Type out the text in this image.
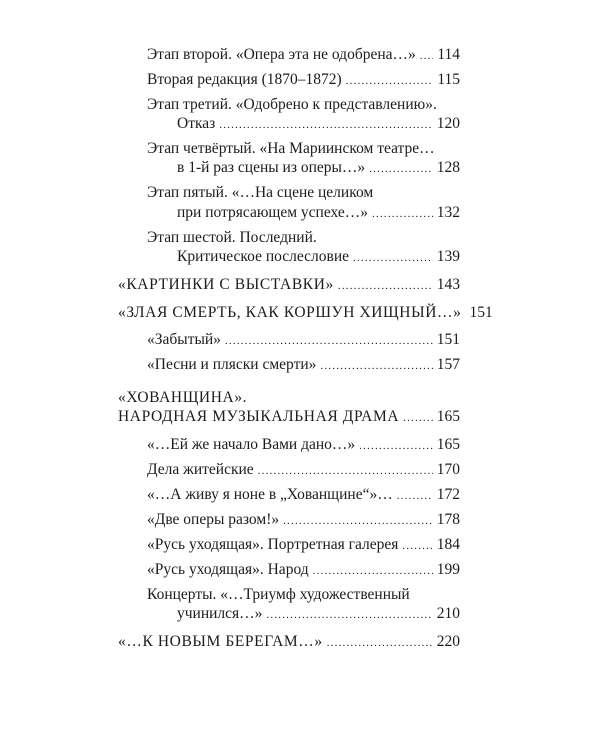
Этап второй. «Опера эта не одобрена…» ..... 114
Вторая редакция (1870–1872) .....	115
Этап третий. «Одобрено к представлению».
Отказ .....	120
Этап четвёртый. «На Мариинском театре…
в 1-й раз сцены из оперы…» .....	128
Этап пятый. «…На сцене целиком
при потрясающем успехе…» .....	132
Этап шестой. Последний.
Критическое послесловие .....	139
«КАРТИНКИ С ВЫСТАВКИ» .....	143
«ЗЛАЯ СМЕРТЬ, КАК КОРШУН ХИЩНЫЙ…» 151
«Забытый» .....	151
«Песни и пляски смерти» .....	157
«ХОВАНЩИНА».
НАРОДНАЯ МУЗЫКАЛЬНАЯ ДРАМА ..... 165
«…Ей же начало Вами дано…» .....	165
Дела житейские .....	170
«…А живу я ноне в „Хованщине“»… .....	172
«Две оперы разом!» .....	178
«Русь уходящая». Портретная галерея ..... 184
«Русь уходящая». Народ .....	199
Концерты. «…Триумф художественный
учинился…» .....	210
«…К НОВЫМ БЕРЕГАМ…» .....	220
